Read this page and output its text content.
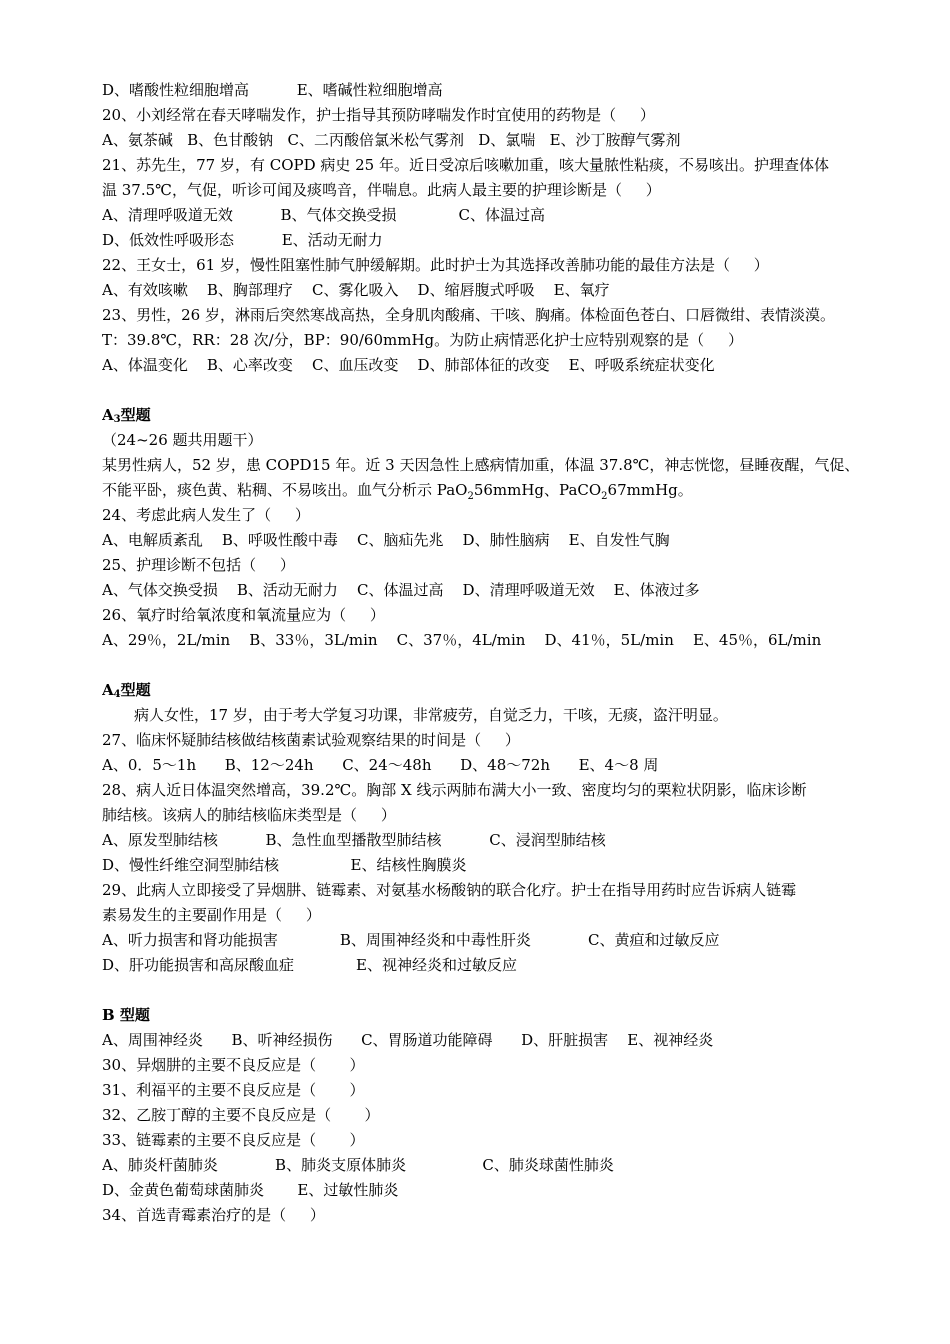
D、嗜酸性粒细胞增高          E、嗜碱性粒细胞增高
20、小刘经常在春天哮喘发作，护士指导其预防哮喘发作时宜使用的药物是（     ）
A、氨茶碱   B、色甘酸钠   C、二丙酸倍氯米松气雾剂   D、氯喘   E、沙丁胺醇气雾剂
21、苏先生，77 岁，有 COPD 病史 25 年。近日受凉后咳嗽加重，咳大量脓性粘痰，不易咳出。护理查体体
温 37.5℃，气促，听诊可闻及痰鸣音，伴喘息。此病人最主要的护理诊断是（     ）
A、清理呼吸道无效          B、气体交换受损             C、体温过高
D、低效性呼吸形态          E、活动无耐力
22、王女士，61 岁，慢性阻塞性肺气肿缓解期。此时护士为其选择改善肺功能的最佳方法是（     ）
A、有效咳嗽    B、胸部理疗    C、雾化吸入    D、缩唇腹式呼吸    E、氧疗
23、男性，26 岁，淋雨后突然寒战高热，全身肌肉酸痛、干咳、胸痛。体检面色苍白、口唇微绀、表情淡漠。
T：39.8℃，RR：28 次/分，BP：90/60mmHg。为防止病情恶化护士应特别观察的是（     ）
A、体温变化    B、心率改变    C、血压改变    D、肺部体征的改变    E、呼吸系统症状变化
$A_3$型题
（24~26 题共用题干）
某男性病人，52 岁，患 COPD15 年。近 3 天因急性上感病情加重，体温 37.8℃，神志恍惚，昼睡夜醒，气促、
不能平卧，痰色黄、粘稠、不易咳出。血气分析示 PaO$_2$56mmHg、PaCO$_2$67mmHg。
24、考虑此病人发生了（     ）
A、电解质紊乱    B、呼吸性酸中毒    C、脑疝先兆    D、肺性脑病    E、自发性气胸
25、护理诊断不包括（     ）
A、气体交换受损    B、活动无耐力    C、体温过高    D、清理呼吸道无效    E、体液过多
26、氧疗时给氧浓度和氧流量应为（     ）
A、29％，2L/min    B、33％，3L/min    C、37％，4L/min    D、41％，5L/min    E、45％，6L/min
$A_4$型题
病人女性，17 岁，由于考大学复习功课，非常疲劳，自觉乏力，干咳，无痰，盗汗明显。
27、临床怀疑肺结核做结核菌素试验观察结果的时间是（     ）
A、0．5～1h      B、12～24h      C、24～48h      D、48～72h      E、4～8 周
28、病人近日体温突然增高，39.2℃。胸部 X 线示两肺布满大小一致、密度均匀的栗粒状阴影，临床诊断
肺结核。该病人的肺结核临床类型是（     ）
A、原发型肺结核          B、急性血型播散型肺结核          C、浸润型肺结核
D、慢性纤维空洞型肺结核               E、结核性胸膜炎
29、此病人立即接受了异烟肼、链霉素、对氨基水杨酸钠的联合化疗。护士在指导用药时应告诉病人链霉
素易发生的主要副作用是（     ）
A、听力损害和肾功能损害             B、周围神经炎和中毒性肝炎            C、黄疸和过敏反应
D、肝功能损害和高尿酸血症             E、视神经炎和过敏反应
B 型题
A、周围神经炎      B、听神经损伤      C、胃肠道功能障碍      D、肝脏损害    E、视神经炎
30、异烟肼的主要不良反应是（       ）
31、利福平的主要不良反应是（       ）
32、乙胺丁醇的主要不良反应是（       ）
33、链霉素的主要不良反应是（       ）
A、肺炎杆菌肺炎            B、肺炎支原体肺炎                C、肺炎球菌性肺炎
D、金黄色葡萄球菌肺炎       E、过敏性肺炎
34、首选青霉素治疗的是（     ）
